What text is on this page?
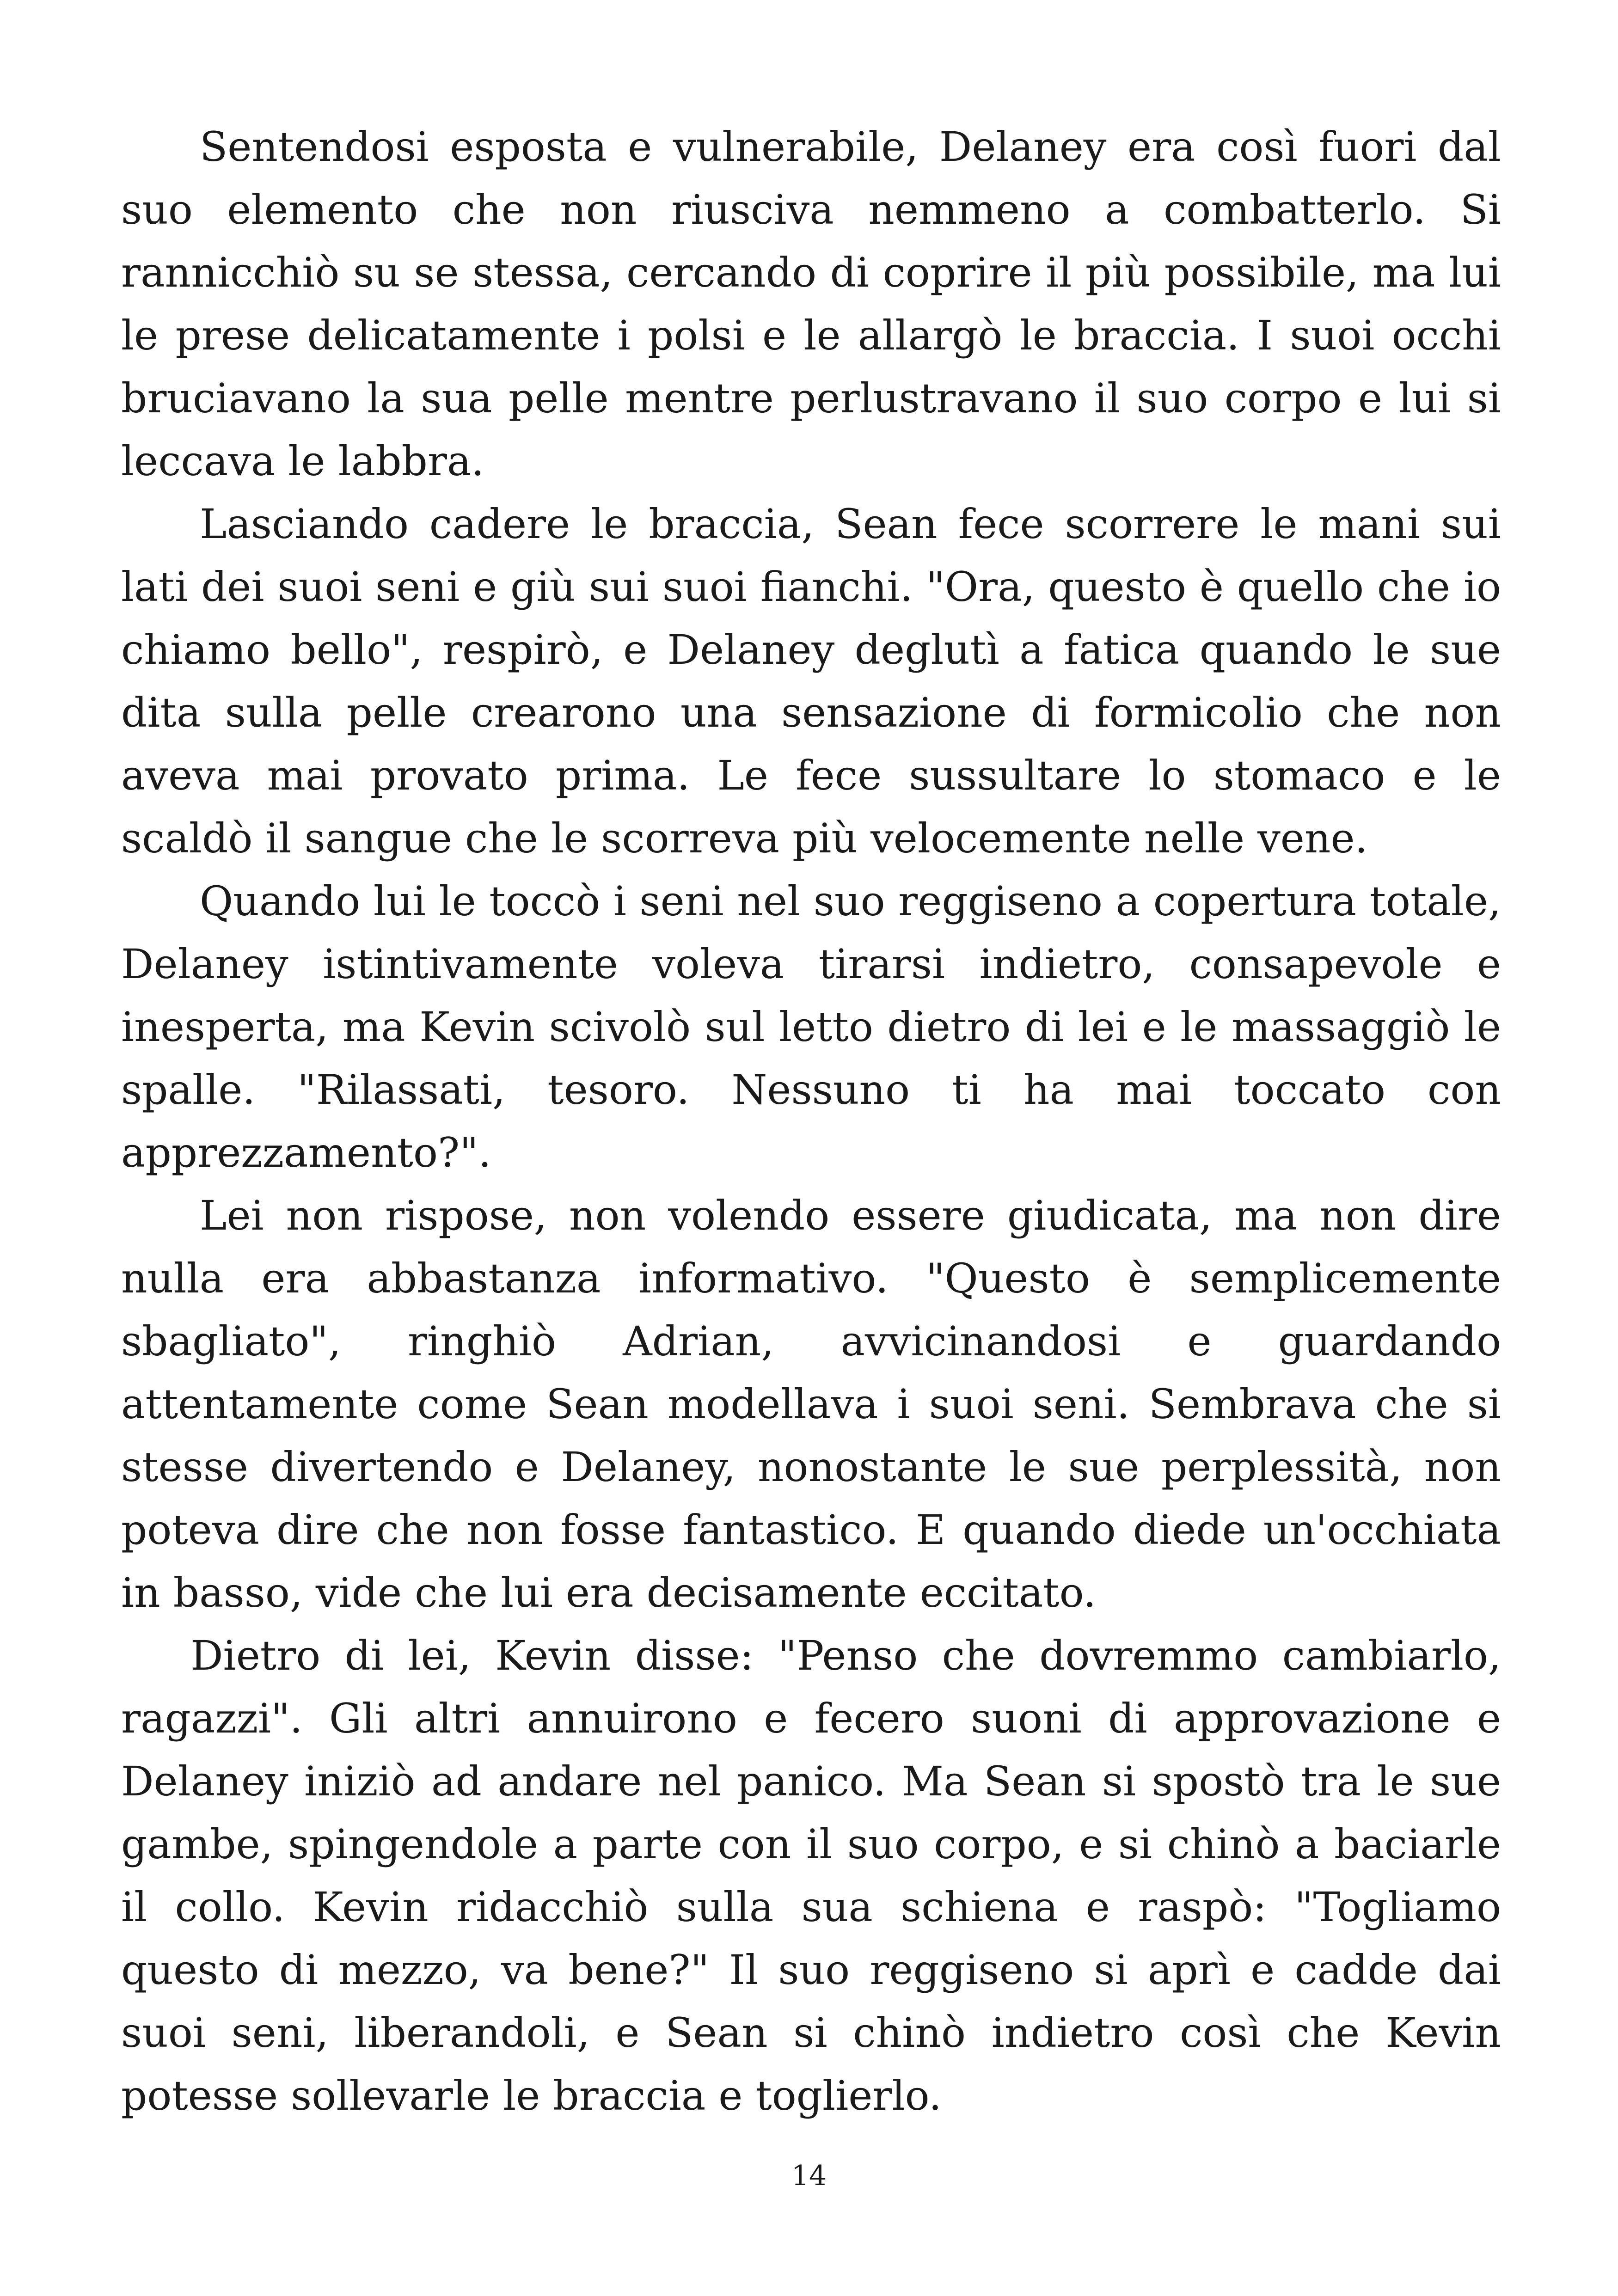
Sentendosi esposta e vulnerabile, Delaney era così fuori dal suo elemento che non riusciva nemmeno a combatterlo. Si rannicchiò su se stessa, cercando di coprire il più possibile, ma lui le prese delicatamente i polsi e le allargò le braccia. I suoi occhi bruciavano la sua pelle mentre perlustravano il suo corpo e lui si leccava le labbra.

Lasciando cadere le braccia, Sean fece scorrere le mani sui lati dei suoi seni e giù sui suoi fianchi. "Ora, questo è quello che io chiamo bello", respirò, e Delaney deglutì a fatica quando le sue dita sulla pelle crearono una sensazione di formicolio che non aveva mai provato prima. Le fece sussultare lo stomaco e le scaldò il sangue che le scorreva più velocemente nelle vene.

Quando lui le toccò i seni nel suo reggiseno a copertura totale, Delaney istintivamente voleva tirarsi indietro, consapevole e inesperta, ma Kevin scivolò sul letto dietro di lei e le massaggiò le spalle. "Rilassati, tesoro. Nessuno ti ha mai toccato con apprezzamento?".

Lei non rispose, non volendo essere giudicata, ma non dire nulla era abbastanza informativo. "Questo è semplicemente sbagliato", ringhiò Adrian, avvicinandosi e guardando attentamente come Sean modellava i suoi seni. Sembrava che si stesse divertendo e Delaney, nonostante le sue perplessità, non poteva dire che non fosse fantastico. E quando diede un'occhiata in basso, vide che lui era decisamente eccitato.

Dietro di lei, Kevin disse: "Penso che dovremmo cambiarlo, ragazzi". Gli altri annuirono e fecero suoni di approvazione e Delaney iniziò ad andare nel panico. Ma Sean si spostò tra le sue gambe, spingendole a parte con il suo corpo, e si chinò a baciarle il collo. Kevin ridacchiò sulla sua schiena e raspò: "Togliamo questo di mezzo, va bene?" Il suo reggiseno si aprì e cadde dai suoi seni, liberandoli, e Sean si chinò indietro così che Kevin potesse sollevarle le braccia e toglierlo.

14
